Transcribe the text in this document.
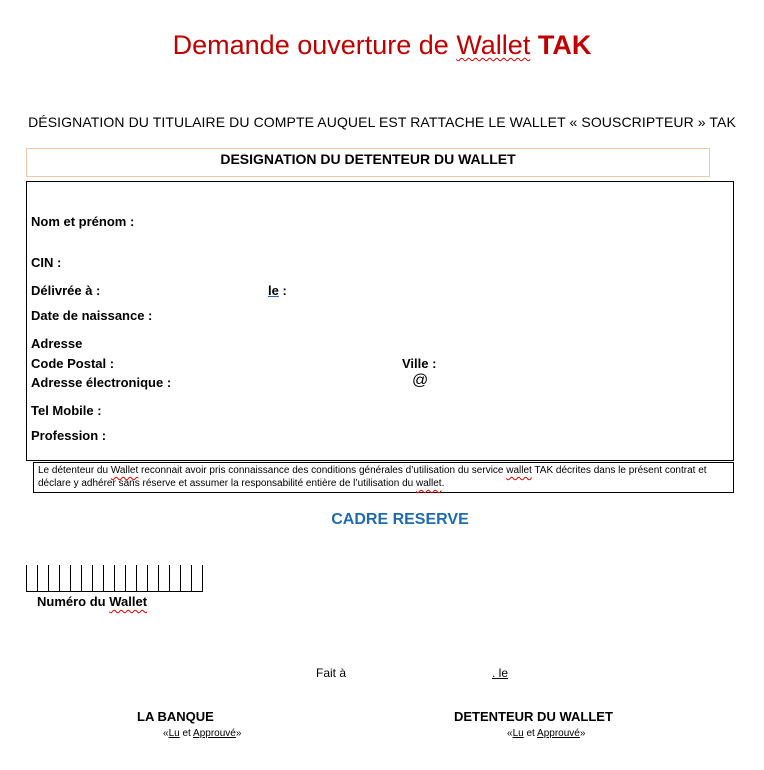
Demande ouverture de Wallet TAK
DÉSIGNATION DU TITULAIRE DU COMPTE AUQUEL EST RATTACHE LE WALLET « SOUSCRIPTEUR » TAK
DESIGNATION DU DETENTEUR DU WALLET
Nom et prénom :
CIN :
Délivrée à :	le :
Date de naissance :
Adresse
Code Postal :	Ville :
Adresse électronique :	@
Tel Mobile :
Profession :
Le détenteur du Wallet reconnait avoir pris connaissance des conditions générales d’utilisation du service wallet TAK décrites dans le présent contrat et déclare y adhérer sans réserve et assumer la responsabilité entière de l’utilisation du wallet.
CADRE RESERVE
Numéro du Wallet
Fait à	. le
LA BANQUE
«Lu et Approuvé»
DETENTEUR DU WALLET
«Lu et Approuvé»
